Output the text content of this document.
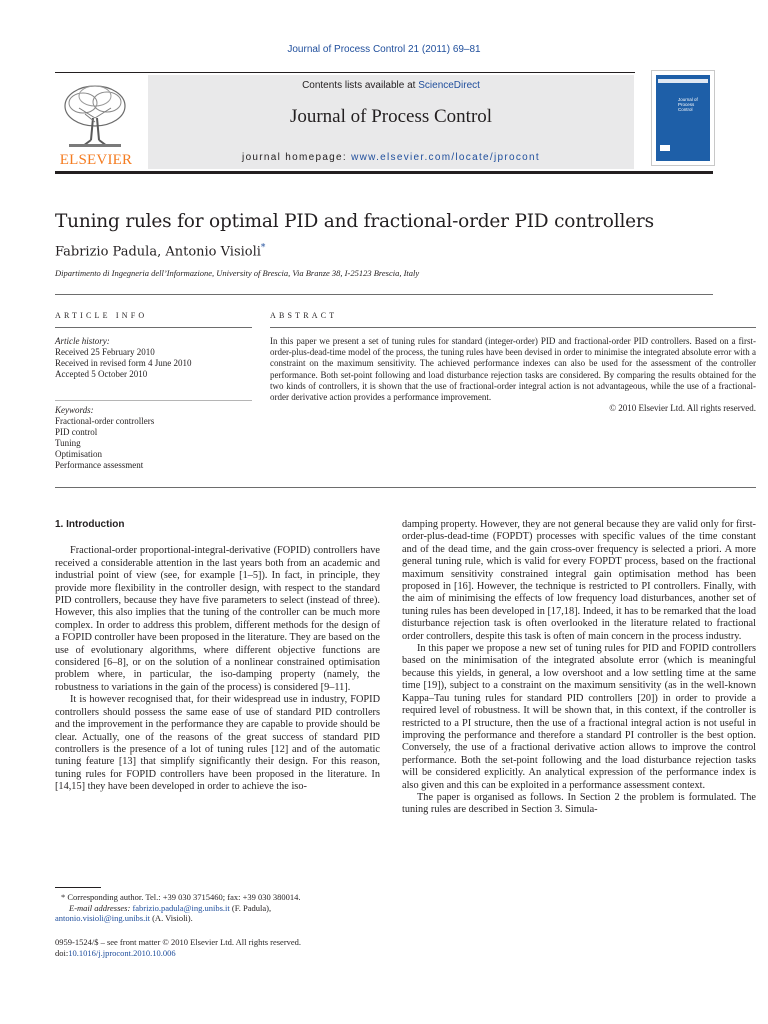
Journal of Process Control 21 (2011) 69–81
ELSEVIER
Contents lists available at ScienceDirect
Journal of Process Control
journal homepage: www.elsevier.com/locate/jprocont
Journal of Process Control
Tuning rules for optimal PID and fractional-order PID controllers
Fabrizio Padula, Antonio Visioli*
Dipartimento di Ingegneria dell’Informazione, University of Brescia, Via Branze 38, I-25123 Brescia, Italy
ARTICLE INFO
Article history:
Received 25 February 2010
Received in revised form 4 June 2010
Accepted 5 October 2010
Keywords:
Fractional-order controllers
PID control
Tuning
Optimisation
Performance assessment
ABSTRACT
In this paper we present a set of tuning rules for standard (integer-order) PID and fractional-order PID controllers. Based on a first-order-plus-dead-time model of the process, the tuning rules have been devised in order to minimise the integrated absolute error with a constraint on the maximum sensitivity. The achieved performance indexes can also be used for the assessment of the controller performance. Both set-point following and load disturbance rejection tasks are considered. By comparing the results obtained for the two kinds of controllers, it is shown that the use of fractional-order integral action is not advantageous, while the use of a fractional-order derivative action provides a performance improvement.
© 2010 Elsevier Ltd. All rights reserved.
1. Introduction

Fractional-order proportional-integral-derivative (FOPID) controllers have received a considerable attention in the last years both from an academic and industrial point of view (see, for example [1–5]). In fact, in principle, they provide more flexibility in the controller design, with respect to the standard PID controllers, because they have five parameters to select (instead of three). However, this also implies that the tuning of the controller can be much more complex. In order to address this problem, different methods for the design of a FOPID controller have been proposed in the literature. They are based on the use of evolutionary algorithms, where different objective functions are considered [6–8], or on the solution of a nonlinear constrained optimisation problem where, in particular, the iso-damping property (namely, the robustness to variations in the gain of the process) is considered [9–11].

It is however recognised that, for their widespread use in industry, FOPID controllers should possess the same ease of use of standard PID controllers and the improvement in the performance they are capable to provide should be clear. Actually, one of the reasons of the great success of standard PID controllers is the presence of a lot of tuning rules [12] and of the automatic tuning feature [13] that simplify significantly their design. For this reason, tuning rules for FOPID controllers have been proposed in the literature. In [14,15] they have been developed in order to achieve the iso-

damping property. However, they are not general because they are valid only for first-order-plus-dead-time (FOPDT) processes with specific values of the time constant and of the dead time, and the gain cross-over frequency is selected a priori. A more general tuning rule, which is valid for every FOPDT process, based on the fractional maximum sensitivity constrained integral gain optimisation method has been proposed in [16]. However, the technique is restricted to PI controllers. Finally, with the aim of minimising the effects of low frequency load disturbances, another set of tuning rules has been developed in [17,18]. Indeed, it has to be remarked that the load disturbance rejection task is often overlooked in the literature related to fractional order controllers, despite this task is often of main concern in the process industry.

In this paper we propose a new set of tuning rules for PID and FOPID controllers based on the minimisation of the integrated absolute error (which is meaningful because this yields, in general, a low overshoot and a low settling time at the same time [19]), subject to a constraint on the maximum sensitivity (as in the well-known Kappa–Tau tuning rules for standard PID controllers [20]) in order to provide a required level of robustness. It will be shown that, in this context, if the controller is restricted to a PI structure, then the use of a fractional integral action is not useful in improving the performance and therefore a standard PI controller is the best option. Conversely, the use of a fractional derivative action allows to improve the control performance. Both the set-point following and the load disturbance rejection tasks will be considered explicitly. An analytical expression of the performance index is also given and this can be exploited in a performance assessment context.

The paper is organised as follows. In Section 2 the problem is formulated. The tuning rules are described in Section 3. Simula-

* Corresponding author. Tel.: +39 030 3715460; fax: +39 030 380014.
E-mail addresses: fabrizio.padula@ing.unibs.it (F. Padula),
antonio.visioli@ing.unibs.it (A. Visioli).
0959-1524/$ – see front matter © 2010 Elsevier Ltd. All rights reserved.
doi:10.1016/j.jprocont.2010.10.006
